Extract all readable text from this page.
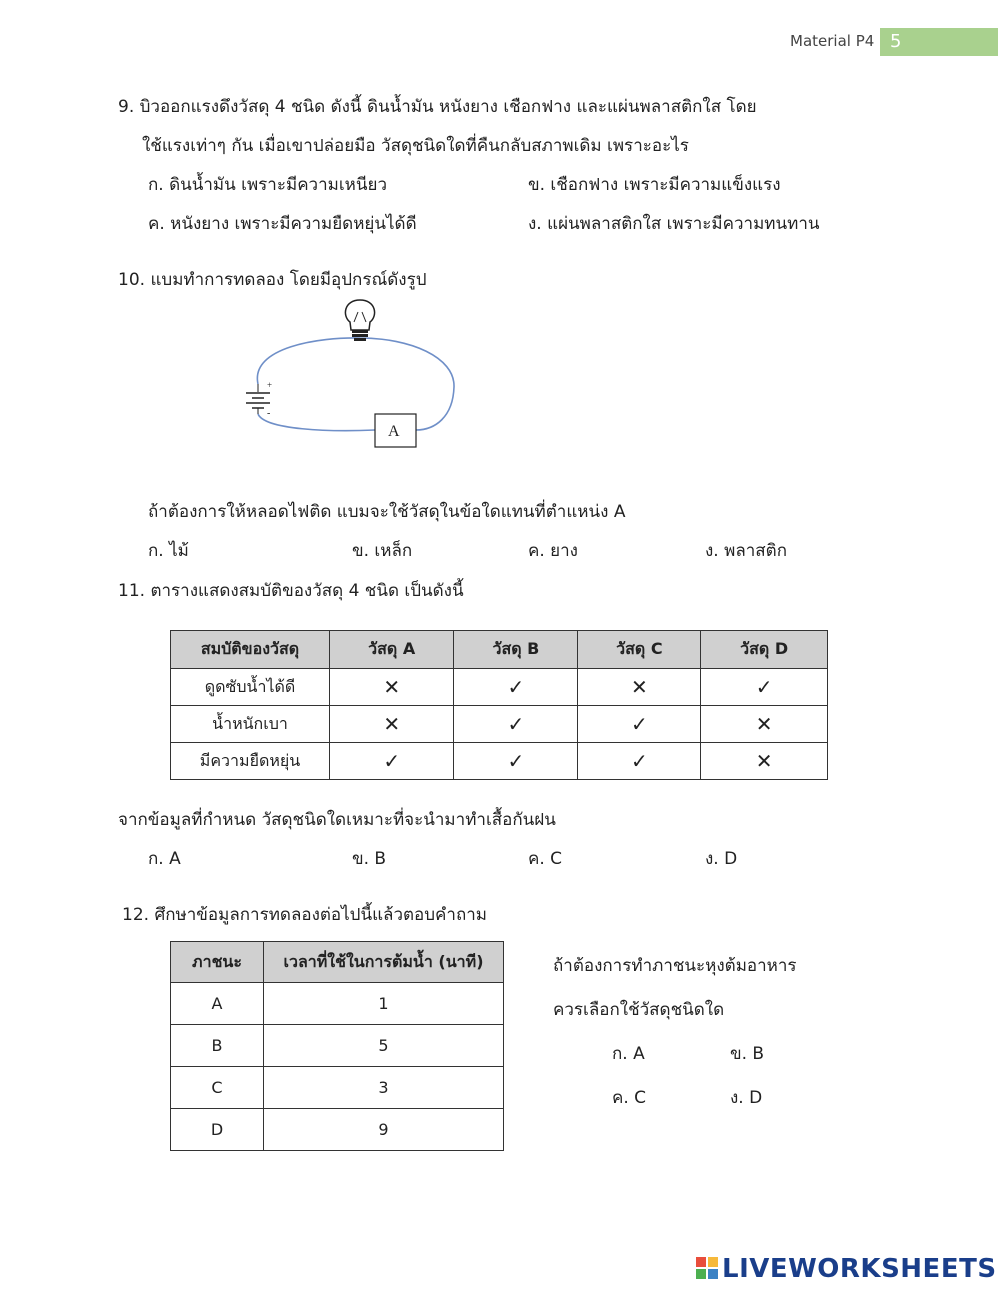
Material P4 5
9. บิวออกแรงดึงวัสดุ 4 ชนิด ดังนี้ ดินน้ำมัน หนังยาง เชือกฟาง และแผ่นพลาสติกใส โดย
ใช้แรงเท่าๆ กัน เมื่อเขาปล่อยมือ วัสดุชนิดใดที่คืนกลับสภาพเดิม เพราะอะไร
ก. ดินน้ำมัน เพราะมีความเหนียว	ข. เชือกฟาง เพราะมีความแข็งแรง
ค. หนังยาง เพราะมีความยืดหยุ่นได้ดี	ง. แผ่นพลาสติกใส เพราะมีความทนทาน
10. แบมทำการทดลอง โดยมีอุปกรณ์ดังรูป
+
-
A
ถ้าต้องการให้หลอดไฟติด แบมจะใช้วัสดุในข้อใดแทนที่ตำแหน่ง A
ก. ไม้	ข. เหล็ก	ค. ยาง	ง. พลาสติก
11. ตารางแสดงสมบัติของวัสดุ 4 ชนิด เป็นดังนี้
สมบัติของวัสดุ	วัสดุ A	วัสดุ B	วัสดุ C	วัสดุ D
ดูดซับน้ำได้ดี	✕	✓	✕	✓
น้ำหนักเบา	✕	✓	✓	✕
มีความยืดหยุ่น	✓	✓	✓	✕
จากข้อมูลที่กำหนด วัสดุชนิดใดเหมาะที่จะนำมาทำเสื้อกันฝน
ก. A	ข. B	ค. C	ง. D
12. ศึกษาข้อมูลการทดลองต่อไปนี้แล้วตอบคำถาม
ภาชนะ	เวลาที่ใช้ในการต้มน้ำ (นาที)
A	1
B	5
C	3
D	9
ถ้าต้องการทำภาชนะหุงต้มอาหาร
ควรเลือกใช้วัสดุชนิดใด
ก. A	ข. B
ค. C	ง. D
LIVEWORKSHEETS
